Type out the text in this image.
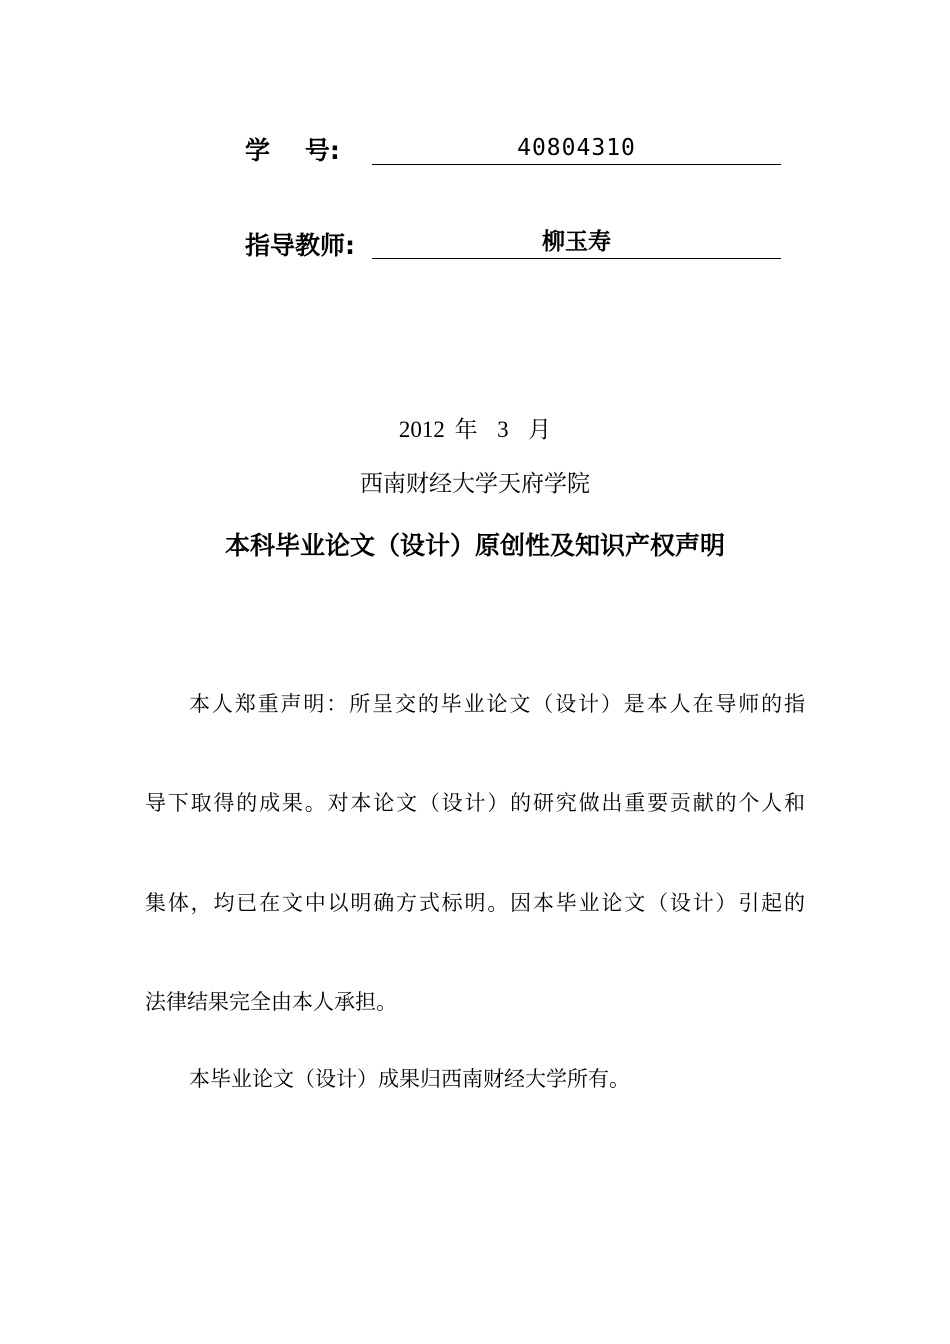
学    号:	40804310
指导教师:	柳玉寿
2012 年  3  月
西南财经大学天府学院
本科毕业论文（设计）原创性及知识产权声明
本人郑重声明：所呈交的毕业论文（设计）是本人在导师的指
导下取得的成果。对本论文（设计）的研究做出重要贡献的个人和
集体，均已在文中以明确方式标明。因本毕业论文（设计）引起的
法律结果完全由本人承担。
本毕业论文（设计）成果归西南财经大学所有。
